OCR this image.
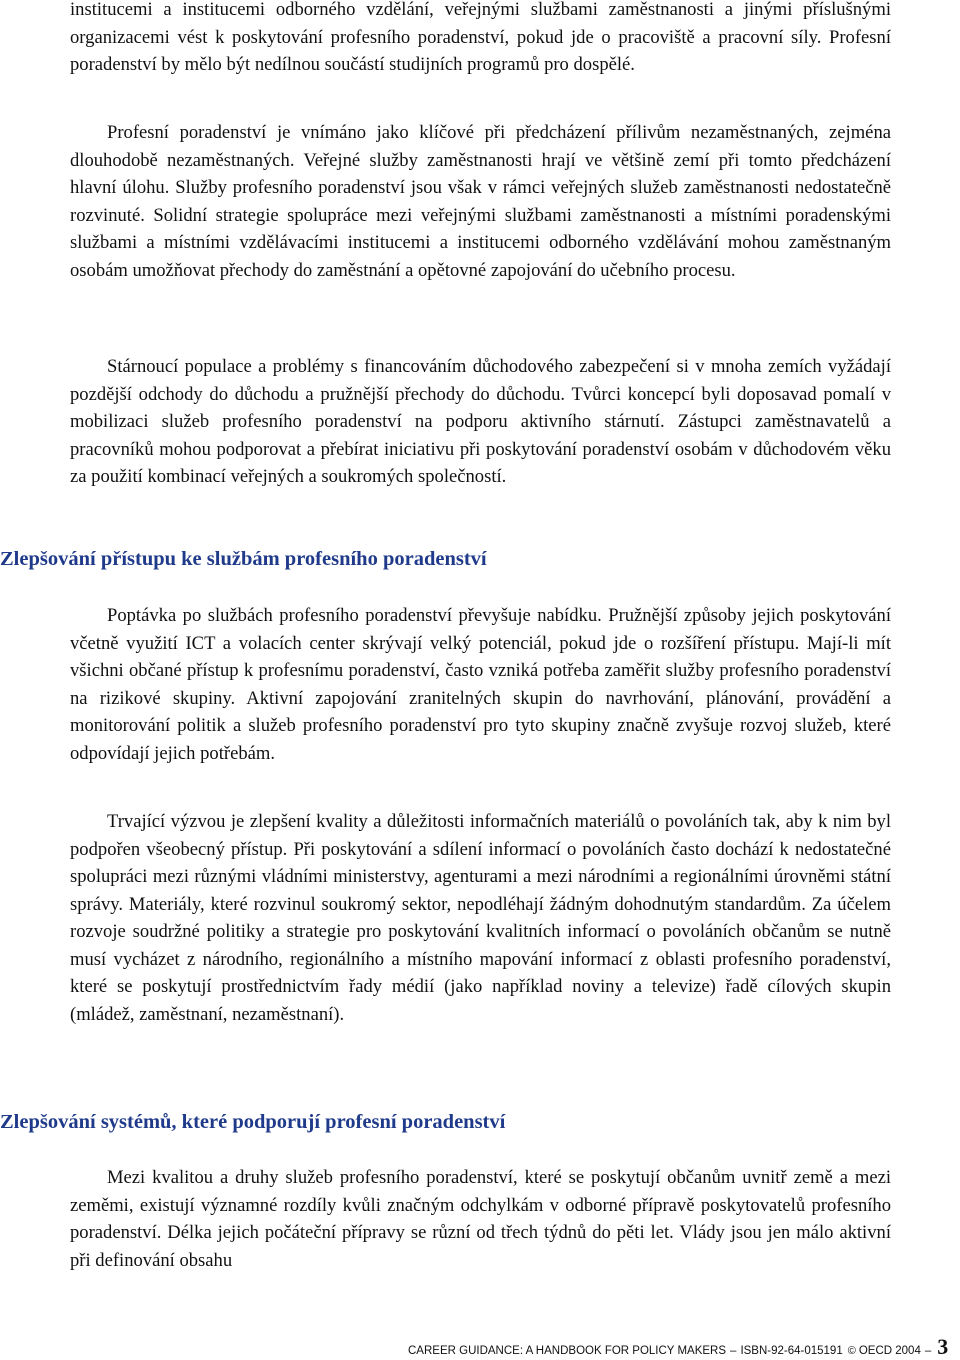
institucemi a institucemi odborného vzdělání, veřejnými službami zaměstnanosti a jinými příslušnými organizacemi vést k poskytování profesního poradenství, pokud jde o pracoviště a pracovní síly. Profesní poradenství by mělo být nedílnou součástí studijních programů pro dospělé.

Profesní poradenství je vnímáno jako klíčové při předcházení přílivům nezaměstnaných, zejména dlouhodobě nezaměstnaných. Veřejné služby zaměstnanosti hrají ve většině zemí při tomto předcházení hlavní úlohu. Služby profesního poradenství jsou však v rámci veřejných služeb zaměstnanosti nedostatečně rozvinuté. Solidní strategie spolupráce mezi veřejnými službami zaměstnanosti a místními poradenskými službami a místními vzdělávacími institucemi a institucemi odborného vzdělávání mohou zaměstnaným osobám umožňovat přechody do zaměstnání a opětovné zapojování do učebního procesu.

Stárnoucí populace a problémy s financováním důchodového zabezpečení si v mnoha zemích vyžádají pozdější odchody do důchodu a pružnější přechody do důchodu. Tvůrci koncepcí byli doposavad pomalí v mobilizaci služeb profesního poradenství na podporu aktivního stárnutí. Zástupci zaměstnavatelů a pracovníků mohou podporovat a přebírat iniciativu při poskytování poradenství osobám v důchodovém věku za použití kombinací veřejných a soukromých společností.

Poptávka po službách profesního poradenství převyšuje nabídku. Pružnější způsoby jejich poskytování včetně využití ICT a volacích center skrývají velký potenciál, pokud jde o rozšíření přístupu. Mají-li mít všichni občané přístup k profesnímu poradenství, často vzniká potřeba zaměřit služby profesního poradenství na rizikové skupiny. Aktivní zapojování zranitelných skupin do navrhování, plánování, provádění a monitorování politik a služeb profesního poradenství pro tyto skupiny značně zvyšuje rozvoj služeb, které odpovídají jejich potřebám.

Trvající výzvou je zlepšení kvality a důležitosti informačních materiálů o povoláních tak, aby k nim byl podpořen všeobecný přístup. Při poskytování a sdílení informací o povoláních často dochází k nedostatečné spolupráci mezi různými vládními ministerstvy, agenturami a mezi národními a regionálními úrovněmi státní správy. Materiály, které rozvinul soukromý sektor, nepodléhají žádným dohodnutým standardům. Za účelem rozvoje soudržné politiky a strategie pro poskytování kvalitních informací o povoláních občanům se nutně musí vycházet z národního, regionálního a místního mapování informací z oblasti profesního poradenství, které se poskytují prostřednictvím řady médií (jako například noviny a televize) řadě cílových skupin (mládež, zaměstnaní, nezaměstnaní).

Mezi kvalitou a druhy služeb profesního poradenství, které se poskytují občanům uvnitř země a mezi zeměmi, existují významné rozdíly kvůli značným odchylkám v odborné přípravě poskytovatelů profesního poradenství. Délka jejich počáteční přípravy se různí od třech týdnů do pěti let. Vlády jsou jen málo aktivní při definování obsahu

Zlepšování přístupu ke službám profesního poradenství
Zlepšování systémů, které podporují profesní poradenství
CAREER GUIDANCE: A HANDBOOK FOR POLICY MAKERS – ISBN-92-64-015191 © OECD 2004 – 3
